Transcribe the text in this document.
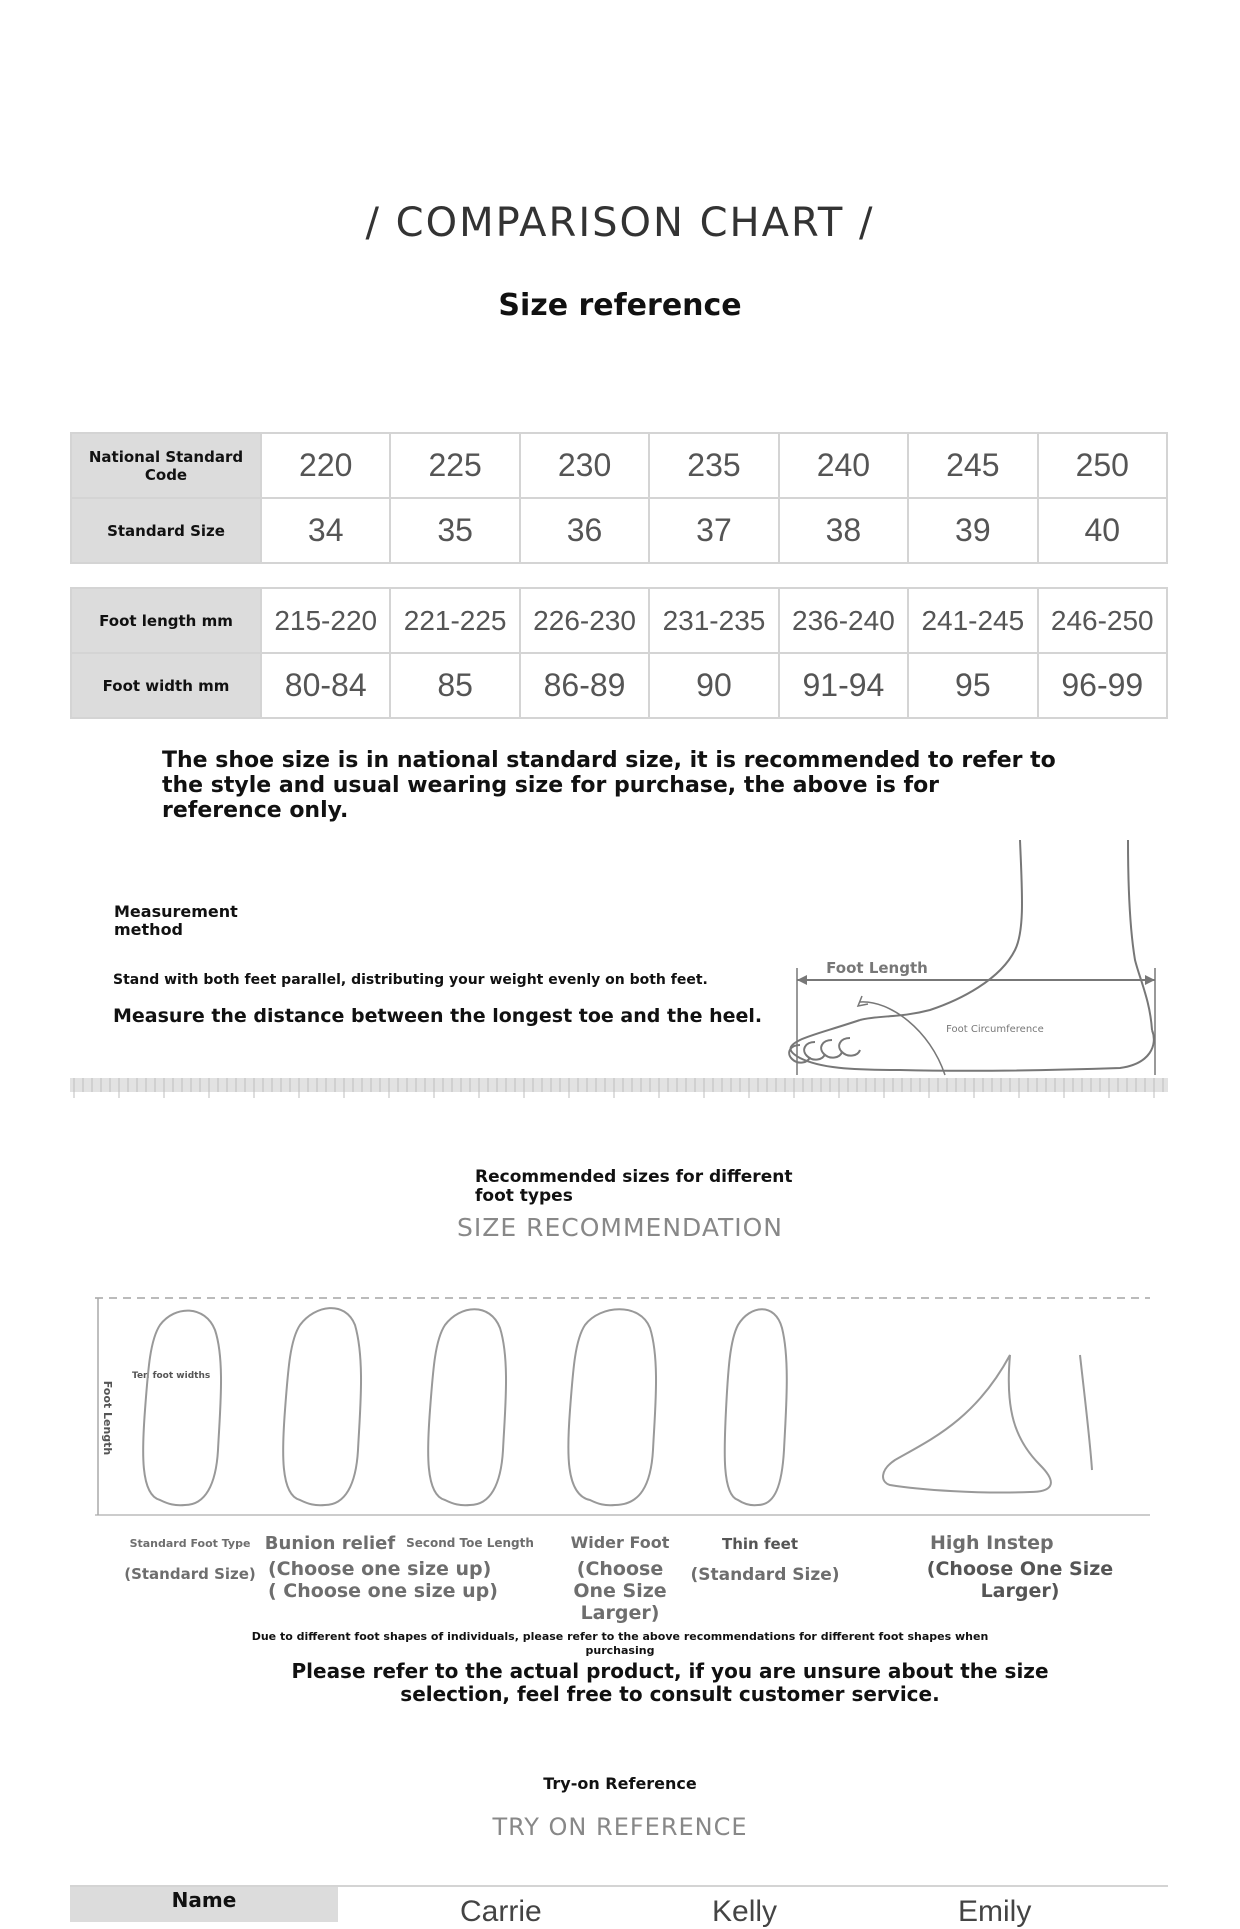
/ COMPARISON CHART /
Size reference
National Standard Code	220	225	230	235	240	245	250
Standard Size	34	35	36	37	38	39	40
Foot length mm	215-220	221-225	226-230	231-235	236-240	241-245	246-250
Foot width mm	80-84	85	86-89	90	91-94	95	96-99
The shoe size is in national standard size, it is recommended to refer to the style and usual wearing size for purchase, the above is for reference only.
Measurement method
Stand with both feet parallel, distributing your weight evenly on both feet.
Measure the distance between the longest toe and the heel.
Foot Length
Foot Circumference
Recommended sizes for different foot types
SIZE RECOMMENDATION
Foot Length
Ten foot widths
Standard Foot Type
(Standard Size)
Bunion relief
(Choose one size up) ( Choose one size up)
Second Toe Length	Wider Foot
(Choose One Size Larger)
Thin feet
(Standard Size)
High Instep
(Choose One Size Larger)
Due to different foot shapes of individuals, please refer to the above recommendations for different foot shapes when purchasing
Please refer to the actual product, if you are unsure about the size selection, feel free to consult customer service.
Try-on Reference
TRY ON REFERENCE
Name	Carrie	Kelly	Emily
